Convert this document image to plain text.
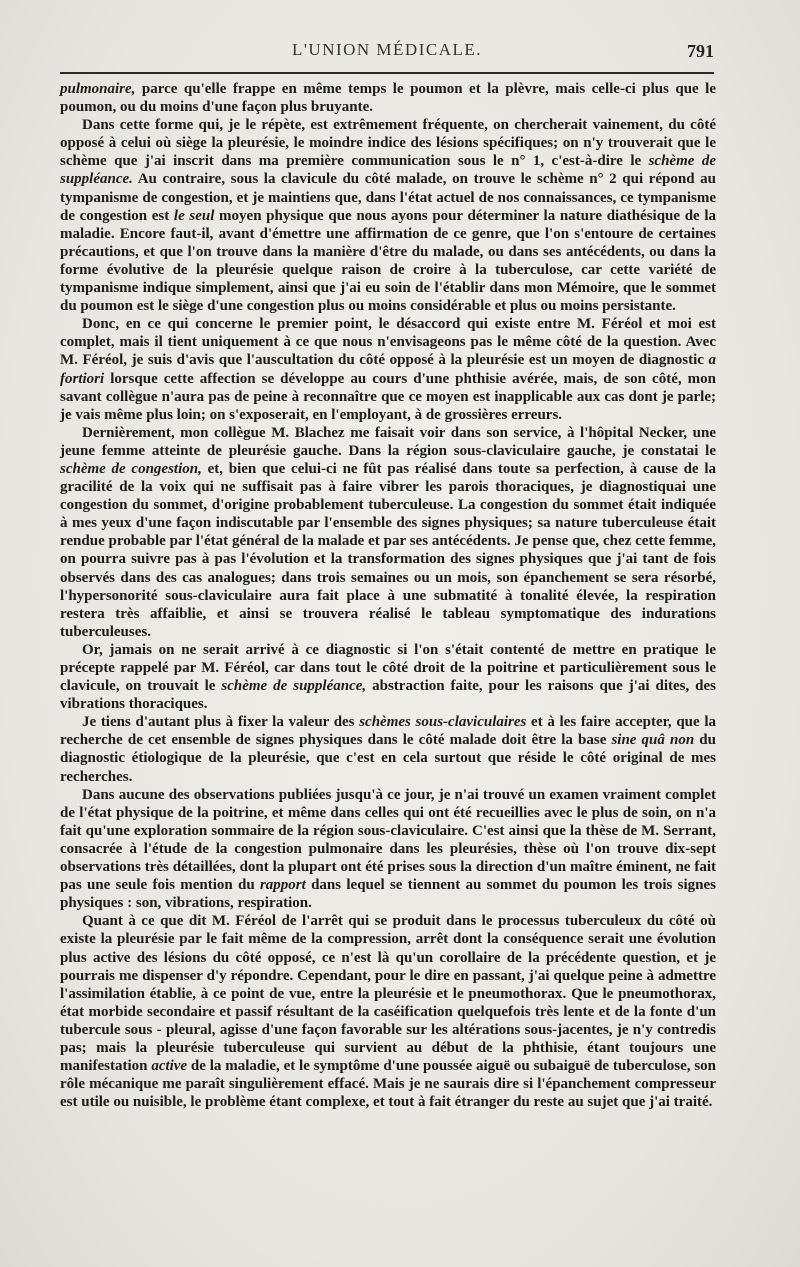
L'UNION MÉDICALE.	791

pulmonaire, parce qu'elle frappe en même temps le poumon et la plèvre, mais celle-ci plus que le poumon, ou du moins d'une façon plus bruyante.

Dans cette forme qui, je le répète, est extrêmement fréquente, on chercherait vainement, du côté opposé à celui où siège la pleurésie, le moindre indice des lésions spécifiques; on n'y trouverait que le schème que j'ai inscrit dans ma première communication sous le n° 1, c'est-à-dire le schème de suppléance. Au contraire, sous la clavicule du côté malade, on trouve le schème n° 2 qui répond au tympanisme de congestion, et je maintiens que, dans l'état actuel de nos connaissances, ce tympanisme de congestion est le seul moyen physique que nous ayons pour déterminer la nature diathésique de la maladie. Encore faut-il, avant d'émettre une affirmation de ce genre, que l'on s'entoure de certaines précautions, et que l'on trouve dans la manière d'être du malade, ou dans ses antécédents, ou dans la forme évolutive de la pleurésie quelque raison de croire à la tuberculose, car cette variété de tympanisme indique simplement, ainsi que j'ai eu soin de l'établir dans mon Mémoire, que le sommet du poumon est le siège d'une congestion plus ou moins considérable et plus ou moins persistante.

Donc, en ce qui concerne le premier point, le désaccord qui existe entre M. Féréol et moi est complet, mais il tient uniquement à ce que nous n'envisageons pas le même côté de la question. Avec M. Féréol, je suis d'avis que l'auscultation du côté opposé à la pleurésie est un moyen de diagnostic a fortiori lorsque cette affection se développe au cours d'une phthisie avérée, mais, de son côté, mon savant collègue n'aura pas de peine à reconnaître que ce moyen est inapplicable aux cas dont je parle; je vais même plus loin; on s'exposerait, en l'employant, à de grossières erreurs.

Dernièrement, mon collègue M. Blachez me faisait voir dans son service, à l'hôpital Necker, une jeune femme atteinte de pleurésie gauche. Dans la région sous-claviculaire gauche, je constatai le schème de congestion, et, bien que celui-ci ne fût pas réalisé dans toute sa perfection, à cause de la gracilité de la voix qui ne suffisait pas à faire vibrer les parois thoraciques, je diagnostiquai une congestion du sommet, d'origine probablement tuberculeuse. La congestion du sommet était indiquée à mes yeux d'une façon indiscutable par l'ensemble des signes physiques; sa nature tuberculeuse était rendue probable par l'état général de la malade et par ses antécédents. Je pense que, chez cette femme, on pourra suivre pas à pas l'évolution et la transformation des signes physiques que j'ai tant de fois observés dans des cas analogues; dans trois semaines ou un mois, son épanchement se sera résorbé, l'hypersonorité sous-claviculaire aura fait place à une submatité à tonalité élevée, la respiration restera très affaiblie, et ainsi se trouvera réalisé le tableau symptomatique des indurations tuberculeuses.

Or, jamais on ne serait arrivé à ce diagnostic si l'on s'était contenté de mettre en pratique le précepte rappelé par M. Féréol, car dans tout le côté droit de la poitrine et particulièrement sous le clavicule, on trouvait le schème de suppléance, abstraction faite, pour les raisons que j'ai dites, des vibrations thoraciques.

Je tiens d'autant plus à fixer la valeur des schèmes sous-claviculaires et à les faire accepter, que la recherche de cet ensemble de signes physiques dans le côté malade doit être la base sine quâ non du diagnostic étiologique de la pleurésie, que c'est en cela surtout que réside le côté original de mes recherches.

Dans aucune des observations publiées jusqu'à ce jour, je n'ai trouvé un examen vraiment complet de l'état physique de la poitrine, et même dans celles qui ont été recueillies avec le plus de soin, on n'a fait qu'une exploration sommaire de la région sous-claviculaire. C'est ainsi que la thèse de M. Serrant, consacrée à l'étude de la congestion pulmonaire dans les pleurésies, thèse où l'on trouve dix-sept observations très détaillées, dont la plupart ont été prises sous la direction d'un maître éminent, ne fait pas une seule fois mention du rapport dans lequel se tiennent au sommet du poumon les trois signes physiques : son, vibrations, respiration.

Quant à ce que dit M. Féréol de l'arrêt qui se produit dans le processus tuberculeux du côté où existe la pleurésie par le fait même de la compression, arrêt dont la conséquence serait une évolution plus active des lésions du côté opposé, ce n'est là qu'un corollaire de la précédente question, et je pourrais me dispenser d'y répondre. Cependant, pour le dire en passant, j'ai quelque peine à admettre l'assimilation établie, à ce point de vue, entre la pleurésie et le pneumothorax. Que le pneumothorax, état morbide secondaire et passif résultant de la caséification quelquefois très lente et de la fonte d'un tubercule sous - pleural, agisse d'une façon favorable sur les altérations sous-jacentes, je n'y contredis pas; mais la pleurésie tuberculeuse qui survient au début de la phthisie, étant toujours une manifestation active de la maladie, et le symptôme d'une poussée aiguë ou subaiguë de tuberculose, son rôle mécanique me paraît singulièrement effacé. Mais je ne saurais dire si l'épanchement compresseur est utile ou nuisible, le problème étant complexe, et tout à fait étranger du reste au sujet que j'ai traité.
